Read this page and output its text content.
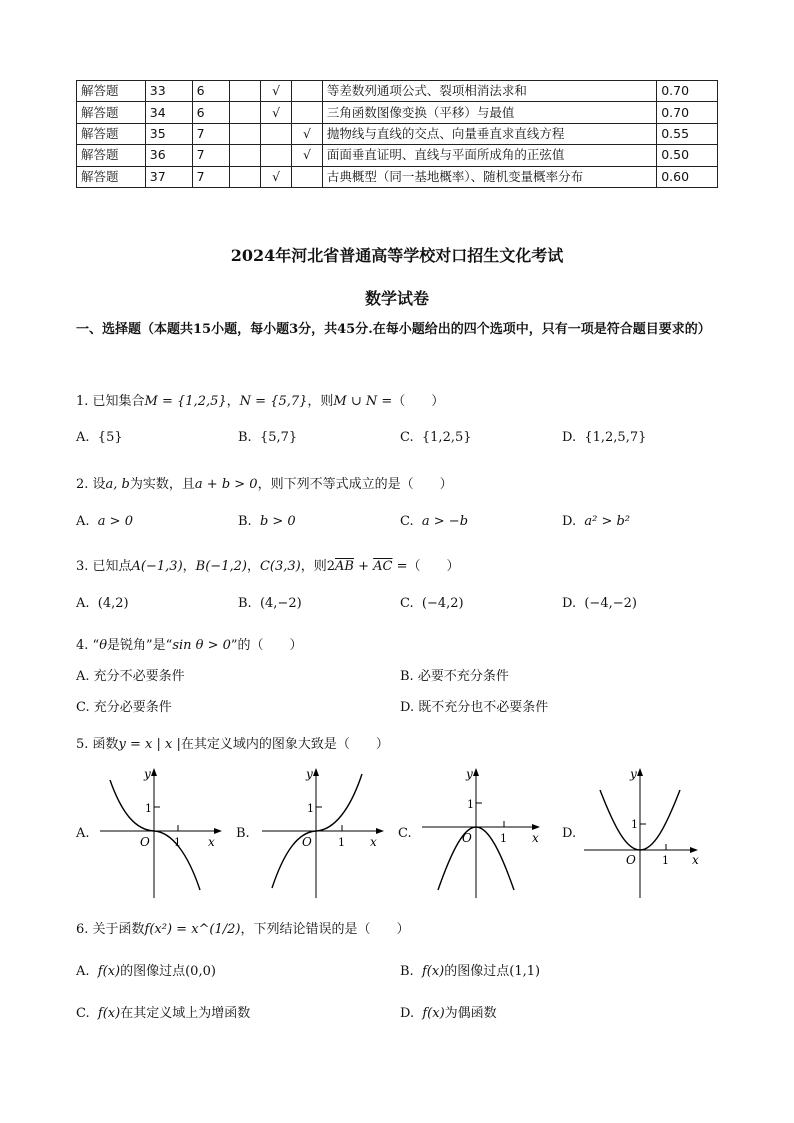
解答题	33	6		√		等差数列通项公式、裂项相消法求和	0.70
解答题	34	6		√		三角函数图像变换（平移）与最值	0.70
解答题	35	7			√	抛物线与直线的交点、向量垂直求直线方程	0.55
解答题	36	7			√	面面垂直证明、直线与平面所成角的正弦值	0.50
解答题	37	7		√		古典概型（同一基地概率）、随机变量概率分布	0.60
2024年河北省普通高等学校对口招生文化考试
数学试卷
一、选择题（本题共15小题，每小题3分，共45分.在每小题给出的四个选项中，只有一项是符合题目要求的）
1. 已知集合M = {1,2,5}，N = {5,7}，则M ∪ N =（　　）
A. {5}	B. {5,7}	C. {1,2,5}	D. {1,2,5,7}
2. 设a, b为实数，且a + b > 0，则下列不等式成立的是（　　）
A. a > 0	B. b > 0	C. a > −b	D. a² > b²
3. 已知点A(−1,3)，B(−1,2)，C(3,3)，则$2\overline{AB} + \overline{AC}$ =（　　）
A. (4,2)	B. (4,−2)	C. (−4,2)	D. (−4,−2)
4. “θ是锐角”是“sin θ > 0”的（　　）
A. 充分不必要条件	B. 必要不充分条件
C. 充分必要条件	D. 既不充分也不必要条件
5. 函数y = x | x |在其定义域内的图象大致是（　　）
A.
y
x
O
1
1
B.
y
x
O
1
1
C.
y
x
O
1
1	D.
y
x
O
1
1
6. 关于函数f(x²) = x^(1/2)，下列结论错误的是（　　）
A. f(x)的图像过点(0,0)	B. f(x)的图像过点(1,1)
C. f(x)在其定义域上为增函数	D. f(x)为偶函数
